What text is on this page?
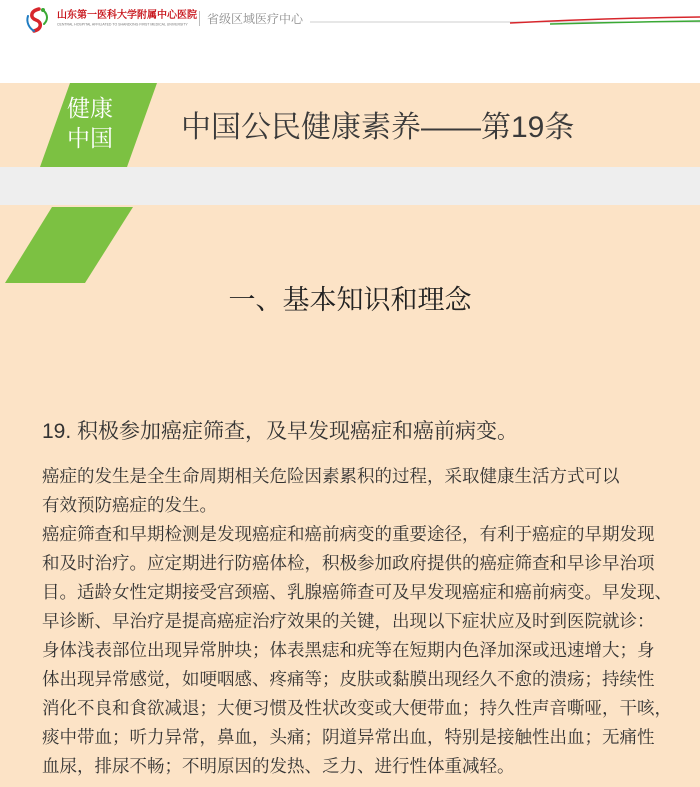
山东第一医科大学附属中心医院
CENTRAL HOSPITAL AFFILIATED TO SHANDONG FIRST MEDICAL UNIVERSITY 省级区域医疗中心
健康
中国 中国公民健康素养——第19条
一、基本知识和理念
19. 积极参加癌症筛查，及早发现癌症和癌前病变。
癌症的发生是全生命周期相关危险因素累积的过程，采取健康生活方式可以
有效预防癌症的发生。
癌症筛查和早期检测是发现癌症和癌前病变的重要途径，有利于癌症的早期发现
和及时治疗。应定期进行防癌体检，积极参加政府提供的癌症筛查和早诊早治项
目。适龄女性定期接受宫颈癌、乳腺癌筛查可及早发现癌症和癌前病变。早发现、
早诊断、早治疗是提高癌症治疗效果的关键，出现以下症状应及时到医院就诊：
身体浅表部位出现异常肿块；体表黑痣和疣等在短期内色泽加深或迅速增大；身
体出现异常感觉，如哽咽感、疼痛等；皮肤或黏膜出现经久不愈的溃疡；持续性
消化不良和食欲减退；大便习惯及性状改变或大便带血；持久性声音嘶哑，干咳，
痰中带血；听力异常，鼻血，头痛；阴道异常出血，特别是接触性出血；无痛性
血尿，排尿不畅；不明原因的发热、乏力、进行性体重减轻。
